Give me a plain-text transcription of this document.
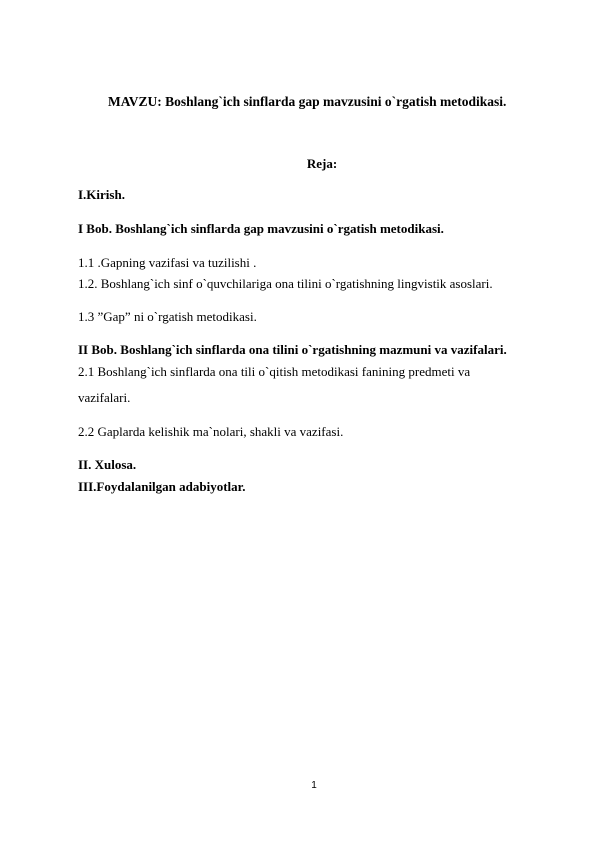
MAVZU: Boshlang`ich sinflarda gap mavzusini o`rgatish metodikasi.
Reja:
I.Kirish.
I Bob. Boshlang`ich sinflarda gap mavzusini o`rgatish metodikasi.
1.1 .Gapning vazifasi va tuzilishi .
1.2. Boshlang`ich sinf o`quvchilariga ona tilini o`rgatishning lingvistik asoslari.
1.3 ”Gap” ni o`rgatish metodikasi.
II Bob. Boshlang`ich sinflarda ona tilini o`rgatishning mazmuni va vazifalari.
2.1 Boshlang`ich sinflarda ona tili o`qitish metodikasi fanining predmeti va
vazifalari.
2.2 Gaplarda kelishik ma`nolari, shakli va vazifasi.
II. Xulosa.
III.Foydalanilgan adabiyotlar.
1
